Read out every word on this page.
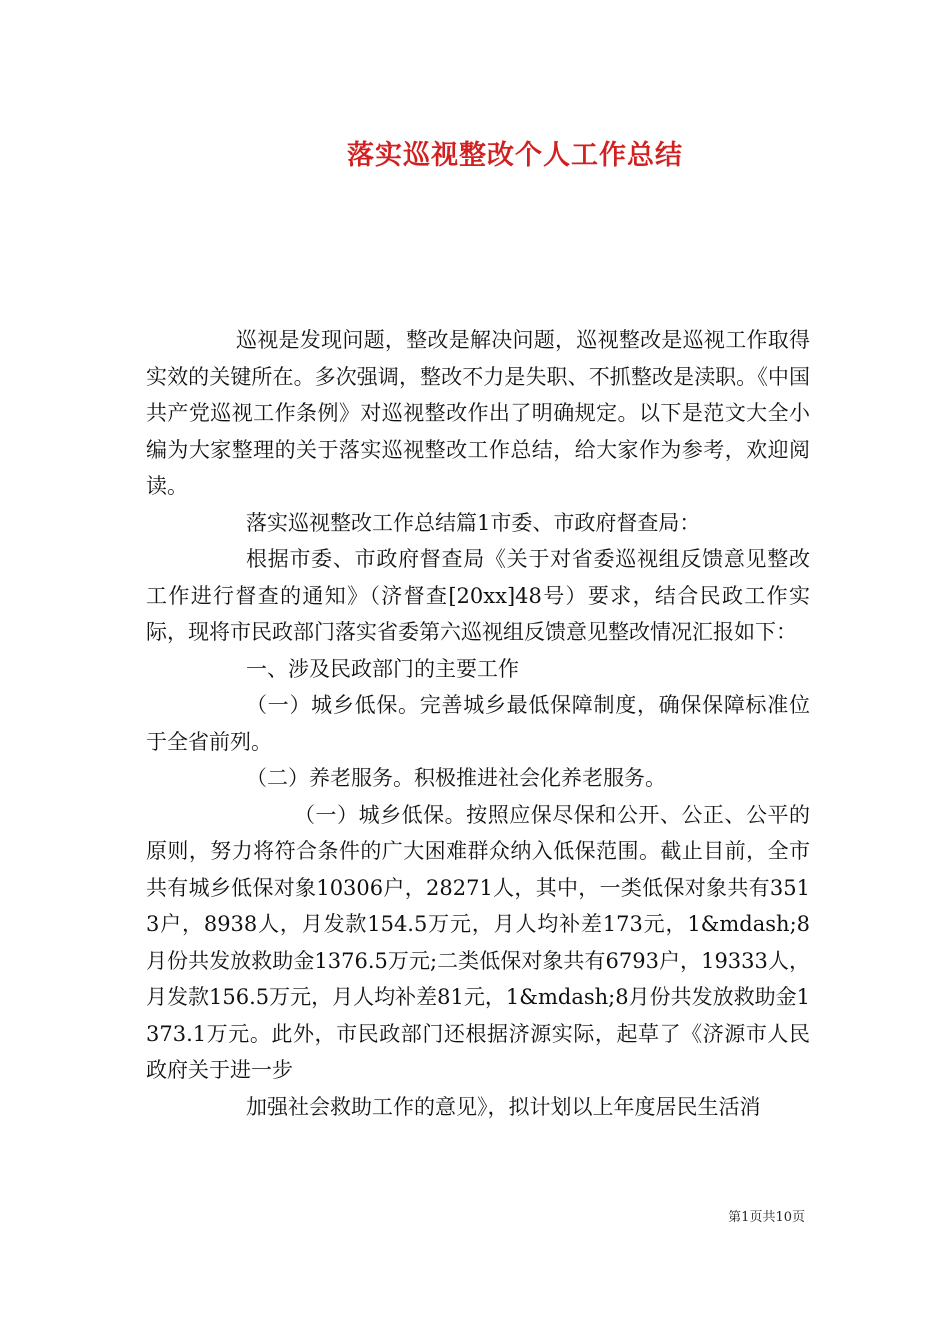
落实巡视整改个人工作总结

巡视是发现问题，整改是解决问题，巡视整改是巡视工作取得实效的关键所在。多次强调，整改不力是失职、不抓整改是渎职。《中国共产党巡视工作条例》对巡视整改作出了明确规定。以下是范文大全小编为大家整理的关于落实巡视整改工作总结，给大家作为参考，欢迎阅读。

落实巡视整改工作总结篇1市委、市政府督查局：

根据市委、市政府督查局《关于对省委巡视组反馈意见整改工作进行督查的通知》（济督查[20xx]48号）要求，结合民政工作实际，现将市民政部门落实省委第六巡视组反馈意见整改情况汇报如下：

一、涉及民政部门的主要工作

（一）城乡低保。完善城乡最低保障制度，确保保障标准位于全省前列。

（二）养老服务。积极推进社会化养老服务。

（一）城乡低保。按照应保尽保和公开、公正、公平的原则，努力将符合条件的广大困难群众纳入低保范围。截止目前，全市共有城乡低保对象10306户，28271人，其中，一类低保对象共有3513户，8938人，月发款154.5万元，月人均补差173元，1&mdash;8月份共发放救助金1376.5万元;二类低保对象共有6793户，19333人，月发款156.5万元，月人均补差81元，1&mdash;8月份共发放救助金1373.1万元。此外，市民政部门还根据济源实际，起草了《济源市人民政府关于进一步

加强社会救助工作的意见》，拟计划以上年度居民生活消

第1页共10页
